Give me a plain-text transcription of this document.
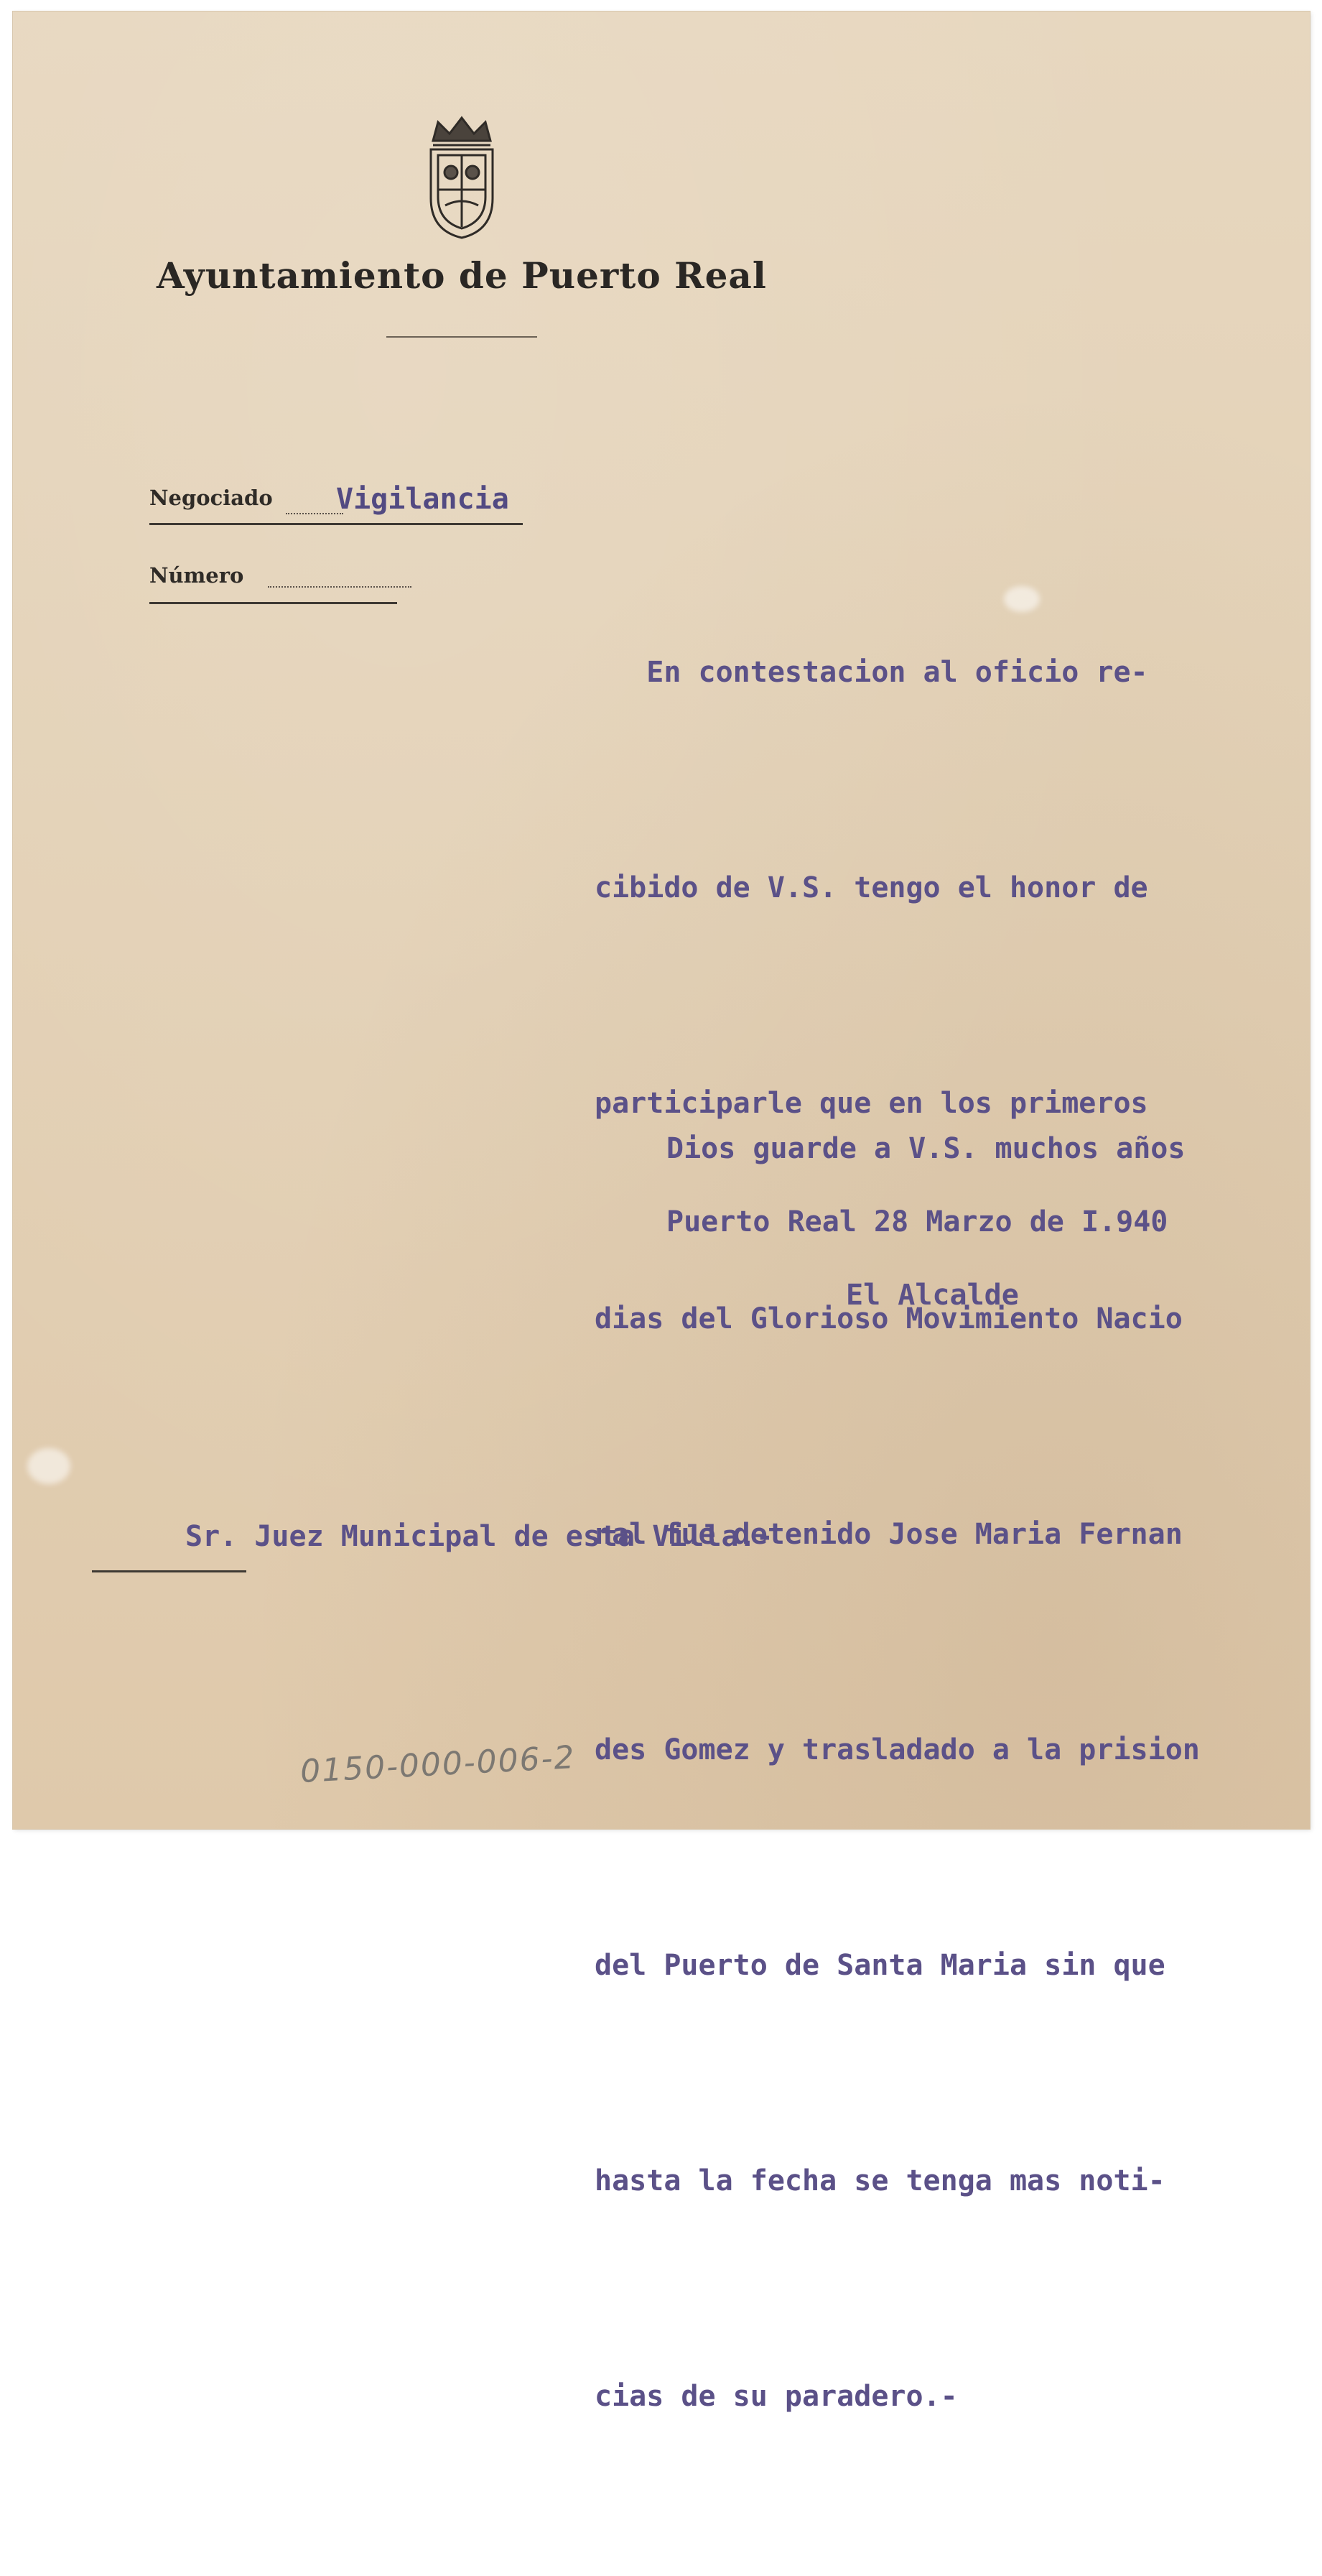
Ayuntamiento de Puerto Real
Negociado Vigilancia
Número

En contestacion al oficio re-

cibido de V.S. tengo el honor de

participarle que en los primeros

dias del Glorioso Movimiento Nacio

nal fue detenido Jose Maria Fernan

des Gomez y trasladado a la prision

del Puerto de Santa Maria sin que

hasta la fecha se tenga mas noti-

cias de su paradero.-

Dios guarde a V.S. muchos años
Puerto Real 28 Marzo de I.940
El Alcalde
Sr. Juez Municipal de esta Villa.-
0150-000-006-2
